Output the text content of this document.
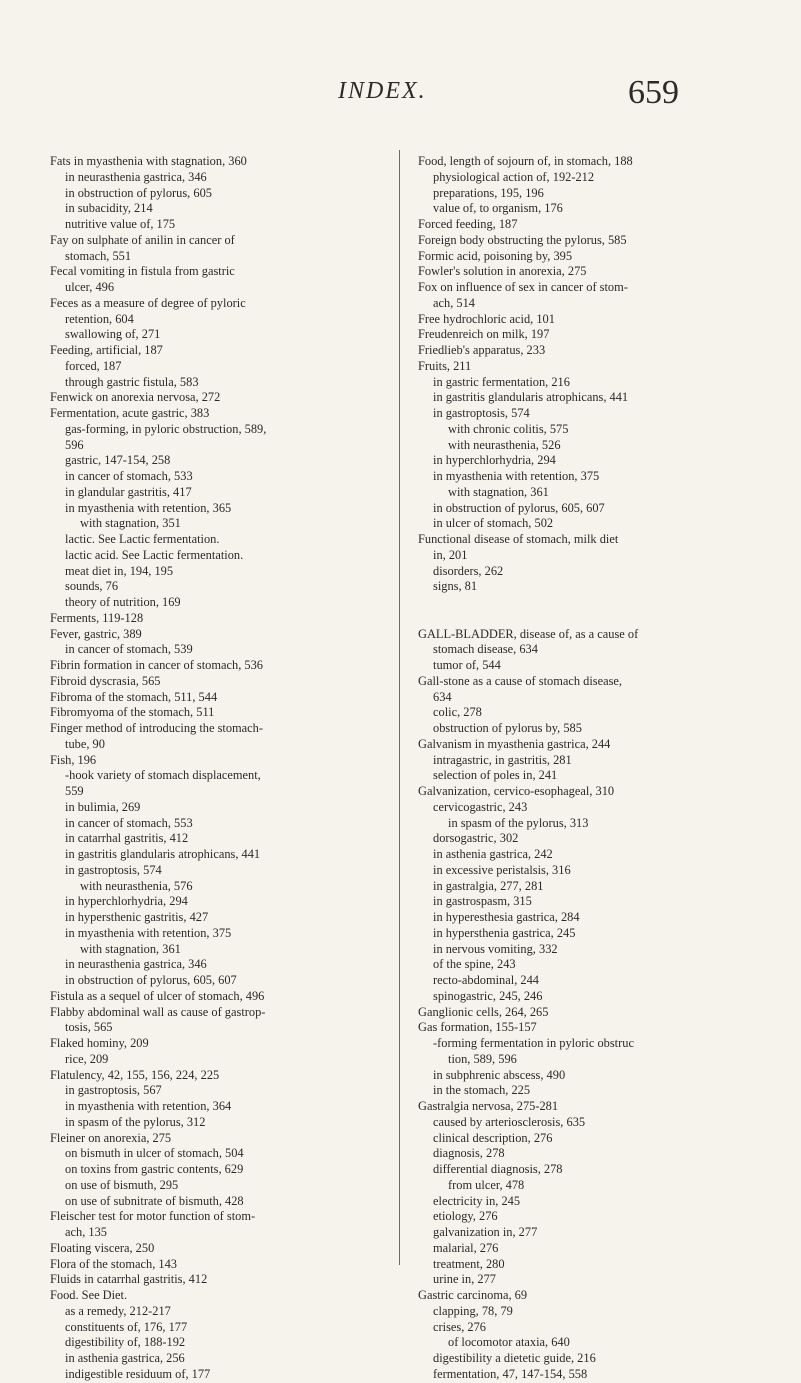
INDEX.	659
Fats in myasthenia with stagnation, 360
in neurasthenia gastrica, 346
in obstruction of pylorus, 605
in subacidity, 214
nutritive value of, 175
Fay on sulphate of anilin in cancer of
stomach, 551
Fecal vomiting in fistula from gastric
ulcer, 496
Feces as a measure of degree of pyloric
retention, 604
swallowing of, 271
Feeding, artificial, 187
forced, 187
through gastric fistula, 583
Fenwick on anorexia nervosa, 272
Fermentation, acute gastric, 383
gas-forming, in pyloric obstruction, 589,
596
gastric, 147-154, 258
in cancer of stomach, 533
in glandular gastritis, 417
in myasthenia with retention, 365
with stagnation, 351
lactic. See Lactic fermentation.
lactic acid. See Lactic fermentation.
meat diet in, 194, 195
sounds, 76
theory of nutrition, 169
Ferments, 119-128
Fever, gastric, 389
in cancer of stomach, 539
Fibrin formation in cancer of stomach, 536
Fibroid dyscrasia, 565
Fibroma of the stomach, 511, 544
Fibromyoma of the stomach, 511
Finger method of introducing the stomach-
tube, 90
Fish, 196
-hook variety of stomach displacement,
559
in bulimia, 269
in cancer of stomach, 553
in catarrhal gastritis, 412
in gastritis glandularis atrophicans, 441
in gastroptosis, 574
with neurasthenia, 576
in hyperchlorhydria, 294
in hypersthenic gastritis, 427
in myasthenia with retention, 375
with stagnation, 361
in neurasthenia gastrica, 346
in obstruction of pylorus, 605, 607
Fistula as a sequel of ulcer of stomach, 496
Flabby abdominal wall as cause of gastrop-
tosis, 565
Flaked hominy, 209
rice, 209
Flatulency, 42, 155, 156, 224, 225
in gastroptosis, 567
in myasthenia with retention, 364
in spasm of the pylorus, 312
Fleiner on anorexia, 275
on bismuth in ulcer of stomach, 504
on toxins from gastric contents, 629
on use of bismuth, 295
on use of subnitrate of bismuth, 428
Fleischer test for motor function of stom-
ach, 135
Floating viscera, 250
Flora of the stomach, 143
Fluids in catarrhal gastritis, 412
Food. See Diet.
as a remedy, 212-217
constituents of, 176, 177
digestibility of, 188-192
in asthenia gastrica, 256
indigestible residuum of, 177
Food, length of sojourn of, in stomach, 188
physiological action of, 192-212
preparations, 195, 196
value of, to organism, 176
Forced feeding, 187
Foreign body obstructing the pylorus, 585
Formic acid, poisoning by, 395
Fowler's solution in anorexia, 275
Fox on influence of sex in cancer of stom-
ach, 514
Free hydrochloric acid, 101
Freudenreich on milk, 197
Friedlieb's apparatus, 233
Fruits, 211
in gastric fermentation, 216
in gastritis glandularis atrophicans, 441
in gastroptosis, 574
with chronic colitis, 575
with neurasthenia, 526
in hyperchlorhydria, 294
in myasthenia with retention, 375
with stagnation, 361
in obstruction of pylorus, 605, 607
in ulcer of stomach, 502
Functional disease of stomach, milk diet
in, 201
disorders, 262
signs, 81
GALL-BLADDER, disease of, as a cause of
stomach disease, 634
tumor of, 544
Gall-stone as a cause of stomach disease,
634
colic, 278
obstruction of pylorus by, 585
Galvanism in myasthenia gastrica, 244
intragastric, in gastritis, 281
selection of poles in, 241
Galvanization, cervico-esophageal, 310
cervicogastric, 243
in spasm of the pylorus, 313
dorsogastric, 302
in asthenia gastrica, 242
in excessive peristalsis, 316
in gastralgia, 277, 281
in gastrospasm, 315
in hyperesthesia gastrica, 284
in hypersthenia gastrica, 245
in nervous vomiting, 332
of the spine, 243
recto-abdominal, 244
spinogastric, 245, 246
Ganglionic cells, 264, 265
Gas formation, 155-157
-forming fermentation in pyloric obstruc
tion, 589, 596
in subphrenic abscess, 490
in the stomach, 225
Gastralgia nervosa, 275-281
caused by arteriosclerosis, 635
clinical description, 276
diagnosis, 278
differential diagnosis, 278
from ulcer, 478
electricity in, 245
etiology, 276
galvanization in, 277
malarial, 276
treatment, 280
urine in, 277
Gastric carcinoma, 69
clapping, 78, 79
crises, 276
of locomotor ataxia, 640
digestibility a dietetic guide, 216
fermentation, 47, 147-154, 558
